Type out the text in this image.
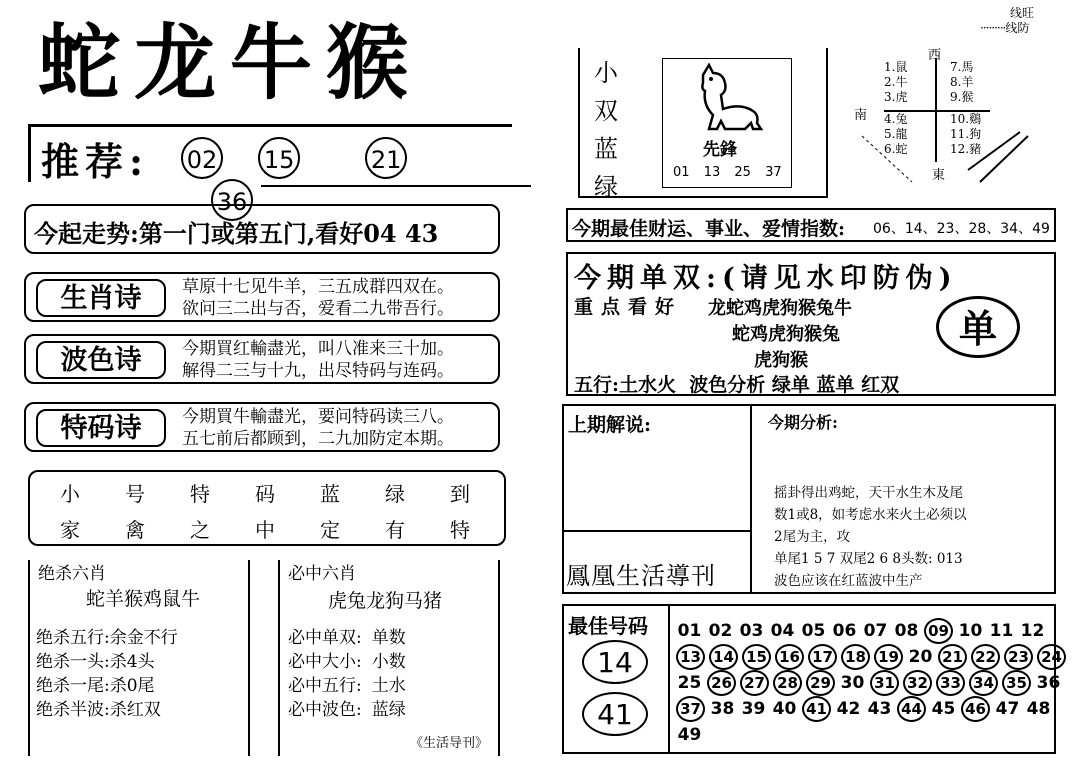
蛇龙牛猴
推荐: 02 15	21 36
今起走势:第一门或第五门,看好04 43
生肖诗	草原十七见牛羊，三五成群四双在。
欲问三二出与否，爱看二九带吾行。
波色诗	今期買红輸盡光，叫八准来三十加。
解得二三与十九，出尽特码与连码。
特码诗	今期買牛輸盡光，要问特码读三八。
五七前后都顾到，二九加防定本期。
小 号 特 码 蓝 绿 到
家 禽 之 中 定 有 特
绝杀六肖
蛇羊猴鸡鼠牛
绝杀五行:余金不行
绝杀一头:杀4头
绝杀一尾:杀0尾
绝杀半波:杀红双
必中六肖
虎兔龙狗马猪
必中单双: 单数
必中大小: 小数
必中五行: 土水
必中波色: 蓝绿
《生活导刊》
小
双
蓝
绿
先鋒
01 13 25 37
线旺
·········线防
西
南
東
1.鼠
2.牛
3.虎
4.兔
5.龍
6.蛇
7.馬
8.羊
9.猴
10.鷄
11.狗
12.豬
今期最佳财运、事业、爱情指数: 06、14、23、28、34、49
今期单双:(请见水印防伪)
重点看好 龙蛇鸡虎狗猴兔牛
蛇鸡虎狗猴兔
虎狗猴
单
五行:土水火  波色分析 绿单 蓝单 红双
上期解说:
鳳凰生活導刊
今期分析:
摇卦得出鸡蛇，天干水生木及尾
数1或8，如考虑水来火土必须以
2尾为主，攻
单尾1 5 7 双尾2 6 8头数: 013
波色应该在红蓝波中生产
最佳号码
14
41
01 02 03 04 05 06 07 08 09 10 11 12
13 14 15 16 17 18 19 20 21 22 23 24
25 26 27 28 29 30 31 32 33 34 35 36
37 38 39 40 41 42 43 44 45 46 47 48
49
